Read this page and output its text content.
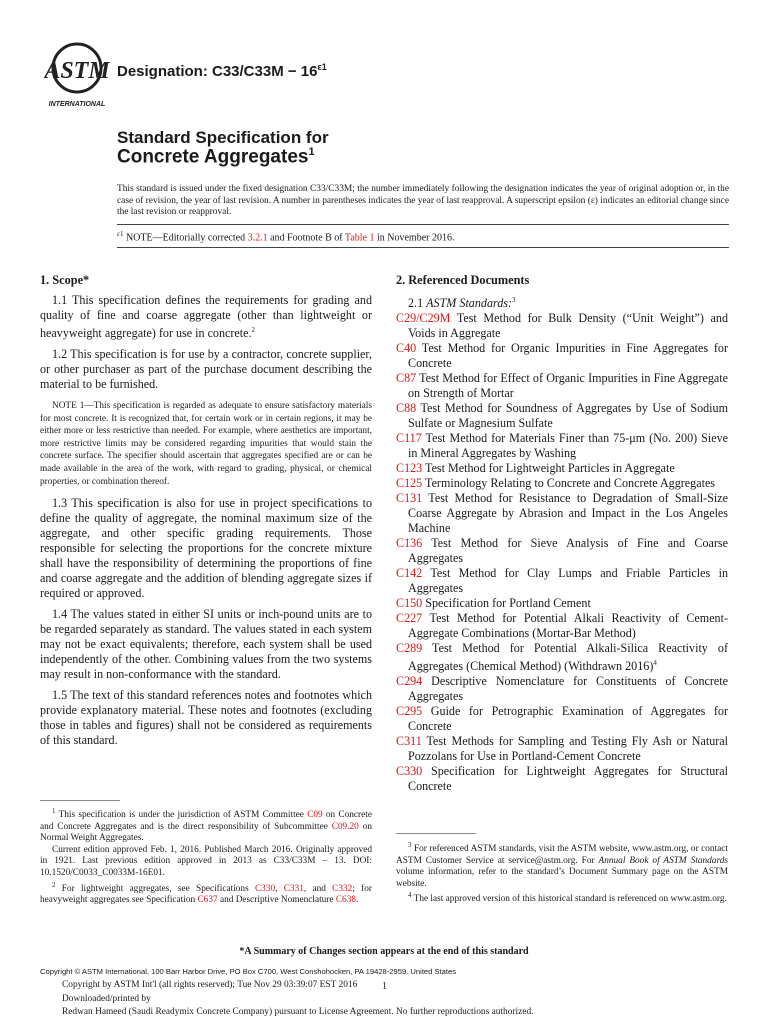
ASTM
INTERNATIONAL
Designation: $C33/C33M - 16^{\varepsilon 1}$
Standard Specification for
Concrete Aggregates$^1$
This standard is issued under the fixed designation C33/C33M; the number immediately following the designation indicates the year of original adoption or, in the case of revision, the year of last revision. A number in parentheses indicates the year of last reapproval. A superscript epsilon (ε) indicates an editorial change since the last revision or reapproval.
$^{\varepsilon 1}$ NOTE—Editorially corrected 3.2.1 and Footnote B of Table 1 in November 2016.
1. Scope*

1.1 This specification defines the requirements for grading and quality of fine and coarse aggregate (other than lightweight or heavyweight aggregate) for use in concrete.$^2$

1.2 This specification is for use by a contractor, concrete supplier, or other purchaser as part of the purchase document describing the material to be furnished.

NOTE 1—This specification is regarded as adequate to ensure satisfactory materials for most concrete. It is recognized that, for certain work or in certain regions, it may be either more or less restrictive than needed. For example, where aesthetics are important, more restrictive limits may be considered regarding impurities that would stain the concrete surface. The specifier should ascertain that aggregates specified are or can be made available in the area of the work, with regard to grading, physical, or chemical properties, or combination thereof.

1.3 This specification is also for use in project specifications to define the quality of aggregate, the nominal maximum size of the aggregate, and other specific grading requirements. Those responsible for selecting the proportions for the concrete mixture shall have the responsibility of determining the proportions of fine and coarse aggregate and the addition of blending aggregate sizes if required or approved.

1.4 The values stated in either SI units or inch-pound units are to be regarded separately as standard. The values stated in each system may not be exact equivalents; therefore, each system shall be used independently of the other. Combining values from the two systems may result in non-conformance with the standard.

1.5 The text of this standard references notes and footnotes which provide explanatory material. These notes and footnotes (excluding those in tables and figures) shall not be considered as requirements of this standard.

$^1$ This specification is under the jurisdiction of ASTM Committee C09 on Concrete and Concrete Aggregates and is the direct responsibility of Subcommittee C09.20 on Normal Weight Aggregates.
Current edition approved Feb. 1, 2016. Published March 2016. Originally approved in 1921. Last previous edition approved in 2013 as C33/C33M – 13. DOI: 10.1520/C0033_C0033M-16E01.
$^2$ For lightweight aggregates, see Specifications C330, C331, and C332; for heavyweight aggregates see Specification C637 and Descriptive Nomenclature C638.
2. Referenced Documents
2.1 ASTM Standards:$^3$
C29/C29M Test Method for Bulk Density (“Unit Weight”) and Voids in Aggregate
C40 Test Method for Organic Impurities in Fine Aggregates for Concrete
C87 Test Method for Effect of Organic Impurities in Fine Aggregate on Strength of Mortar
C88 Test Method for Soundness of Aggregates by Use of Sodium Sulfate or Magnesium Sulfate
C117 Test Method for Materials Finer than 75-μm (No. 200) Sieve in Mineral Aggregates by Washing
C123 Test Method for Lightweight Particles in Aggregate
C125 Terminology Relating to Concrete and Concrete Aggregates
C131 Test Method for Resistance to Degradation of Small-Size Coarse Aggregate by Abrasion and Impact in the Los Angeles Machine
C136 Test Method for Sieve Analysis of Fine and Coarse Aggregates
C142 Test Method for Clay Lumps and Friable Particles in Aggregates
C150 Specification for Portland Cement
C227 Test Method for Potential Alkali Reactivity of Cement-Aggregate Combinations (Mortar-Bar Method)
C289 Test Method for Potential Alkali-Silica Reactivity of Aggregates (Chemical Method) (Withdrawn 2016)$^4$
C294 Descriptive Nomenclature for Constituents of Concrete Aggregates
C295 Guide for Petrographic Examination of Aggregates for Concrete
C311 Test Methods for Sampling and Testing Fly Ash or Natural Pozzolans for Use in Portland-Cement Concrete
C330 Specification for Lightweight Aggregates for Structural Concrete
$^3$ For referenced ASTM standards, visit the ASTM website, www.astm.org, or contact ASTM Customer Service at service@astm.org. For Annual Book of ASTM Standards volume information, refer to the standard’s Document Summary page on the ASTM website.
$^4$ The last approved version of this historical standard is referenced on www.astm.org.
*A Summary of Changes section appears at the end of this standard
Copyright © ASTM International, 100 Barr Harbor Drive, PO Box C700, West Conshohocken, PA 19428-2959. United States
Copyright by ASTM Int'l (all rights reserved); Tue Nov 29 03:39:07 EST 2016
Downloaded/printed by
Redwan Hameed (Saudi Readymix Concrete Company) pursuant to License Agreement. No further reproductions authorized.
1
